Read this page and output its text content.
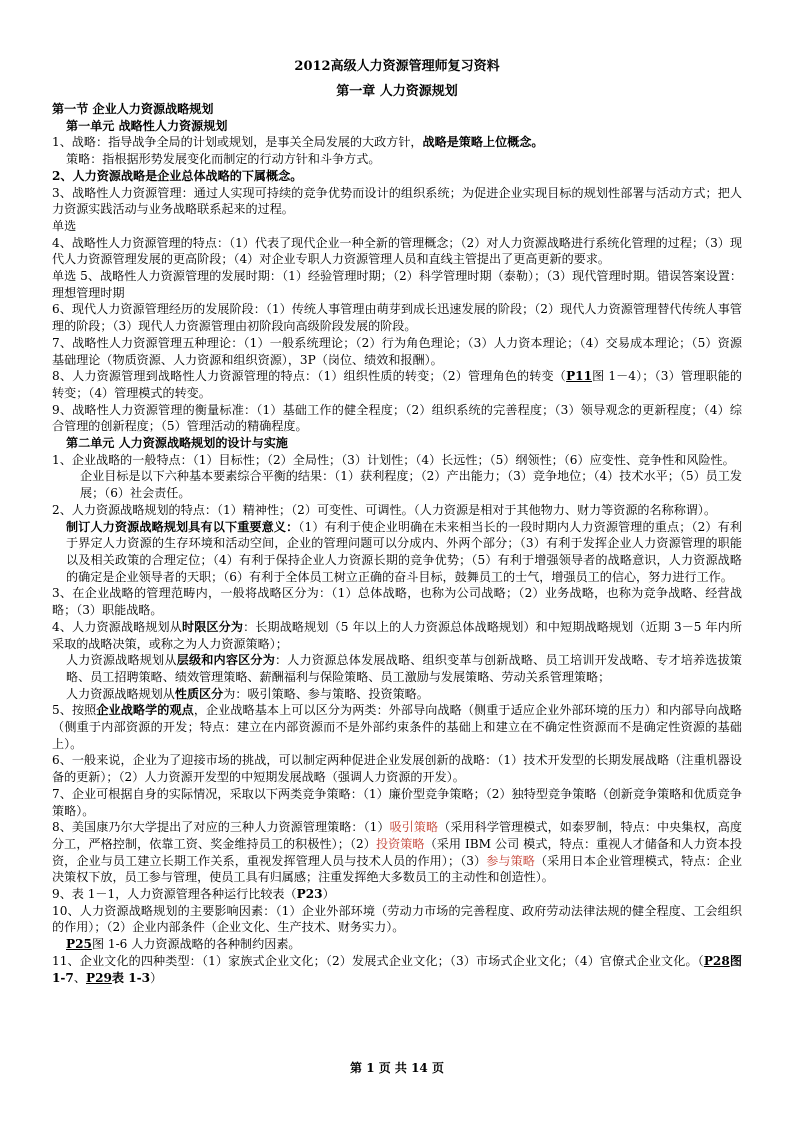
2012高级人力资源管理师复习资料
第一章 人力资源规划

第一节 企业人力资源战略规划

第一单元 战略性人力资源规划

1、战略：指导战争全局的计划或规划，是事关全局发展的大政方针，战略是策略上位概念。

策略：指根据形势发展变化而制定的行动方针和斗争方式。

2、人力资源战略是企业总体战略的下属概念。

3、战略性人力资源管理：通过人实现可持续的竞争优势而设计的组织系统；为促进企业实现目标的规划性部署与活动方式；把人力资源实践活动与业务战略联系起来的过程。

单选

4、战略性人力资源管理的特点：（1）代表了现代企业一种全新的管理概念；（2）对人力资源战略进行系统化管理的过程；（3）现代人力资源管理发展的更高阶段；（4）对企业专职人力资源管理人员和直线主管提出了更高更新的要求。

单选 5、战略性人力资源管理的发展时期：（1）经验管理时期；（2）科学管理时期（泰勒）；（3）现代管理时期。错误答案设置：理想管理时期

6、现代人力资源管理经历的发展阶段：（1）传统人事管理由萌芽到成长迅速发展的阶段；（2）现代人力资源管理替代传统人事管理的阶段；（3）现代人力资源管理由初阶段向高级阶段发展的阶段。

7、战略性人力资源管理五种理论：（1）一般系统理论；（2）行为角色理论；（3）人力资本理论；（4）交易成本理论；（5）资源基础理论（物质资源、人力资源和组织资源），3P（岗位、绩效和报酬）。

8、人力资源管理到战略性人力资源管理的特点：（1）组织性质的转变；（2）管理角色的转变（P11图 1－4）；（3）管理职能的转变；（4）管理模式的转变。

9、战略性人力资源管理的衡量标准：（1）基础工作的健全程度；（2）组织系统的完善程度；（3）领导观念的更新程度；（4）综合管理的创新程度；（5）管理活动的精确程度。

第二单元 人力资源战略规划的设计与实施

1、企业战略的一般特点：（1）目标性；（2）全局性；（3）计划性；（4）长远性；（5）纲领性；（6）应变性、竞争性和风险性。

企业目标是以下六种基本要素综合平衡的结果：（1）获利程度；（2）产出能力；（3）竞争地位；（4）技术水平；（5）员工发展；（6）社会责任。

2、人力资源战略规划的特点：（1）精神性；（2）可变性、可调性。（人力资源是相对于其他物力、财力等资源的名称称谓）。

制订人力资源战略规划具有以下重要意义：（1）有利于使企业明确在未来相当长的一段时期内人力资源管理的重点；（2）有利于界定人力资源的生存环境和活动空间，企业的管理问题可以分成内、外两个部分；（3）有利于发挥企业人力资源管理的职能以及相关政策的合理定位；（4）有利于保持企业人力资源长期的竞争优势；（5）有利于增强领导者的战略意识，人力资源战略的确定是企业领导者的天职；（6）有利于全体员工树立正确的奋斗目标，鼓舞员工的士气，增强员工的信心，努力进行工作。

3、在企业战略的管理范畴内，一般将战略区分为：（1）总体战略，也称为公司战略；（2）业务战略，也称为竞争战略、经营战略；（3）职能战略。

4、人力资源战略规划从时限区分为：长期战略规划（5 年以上的人力资源总体战略规划）和中短期战略规划（近期 3－5 年内所采取的战略决策，或称之为人力资源策略）；

人力资源战略规划从层级和内容区分为：人力资源总体发展战略、组织变革与创新战略、员工培训开发战略、专才培养选拔策略、员工招聘策略、绩效管理策略、薪酬福利与保险策略、员工激励与发展策略、劳动关系管理策略；

人力资源战略规划从性质区分为：吸引策略、参与策略、投资策略。

5、按照企业战略学的观点，企业战略基本上可以区分为两类：外部导向战略（侧重于适应企业外部环境的压力）和内部导向战略（侧重于内部资源的开发；特点：建立在内部资源而不是外部约束条件的基础上和建立在不确定性资源而不是确定性资源的基础上）。

6、一般来说，企业为了迎接市场的挑战，可以制定两种促进企业发展创新的战略：（1）技术开发型的长期发展战略（注重机器设备的更新）；（2）人力资源开发型的中短期发展战略（强调人力资源的开发）。

7、企业可根据自身的实际情况，采取以下两类竞争策略：（1）廉价型竞争策略；（2）独特型竞争策略（创新竞争策略和优质竞争策略）。

8、美国康乃尔大学提出了对应的三种人力资源管理策略：（1）吸引策略（采用科学管理模式，如泰罗制，特点：中央集权，高度分工，严格控制，依靠工资、奖金维持员工的积极性）；（2）投资策略（采用 IBM 公司 模式，特点：重视人才储备和人力资本投资，企业与员工建立长期工作关系，重视发挥管理人员与技术人员的作用）；（3）参与策略（采用日本企业管理模式，特点：企业决策权下放，员工参与管理，使员工具有归属感；注重发挥绝大多数员工的主动性和创造性）。

9、表 1－1，人力资源管理各种运行比较表（P23）

10、人力资源战略规划的主要影响因素：（1）企业外部环境（劳动力市场的完善程度、政府劳动法律法规的健全程度、工会组织的作用）；（2）企业内部条件（企业文化、生产技术、财务实力）。

P25图 1-6 人力资源战略的各种制约因素。

11、企业文化的四种类型：（1）家族式企业文化；（2）发展式企业文化；（3）市场式企业文化；（4）官僚式企业文化。（P28图 1-7、P29表 1-3）

第 1 页 共 14 页
